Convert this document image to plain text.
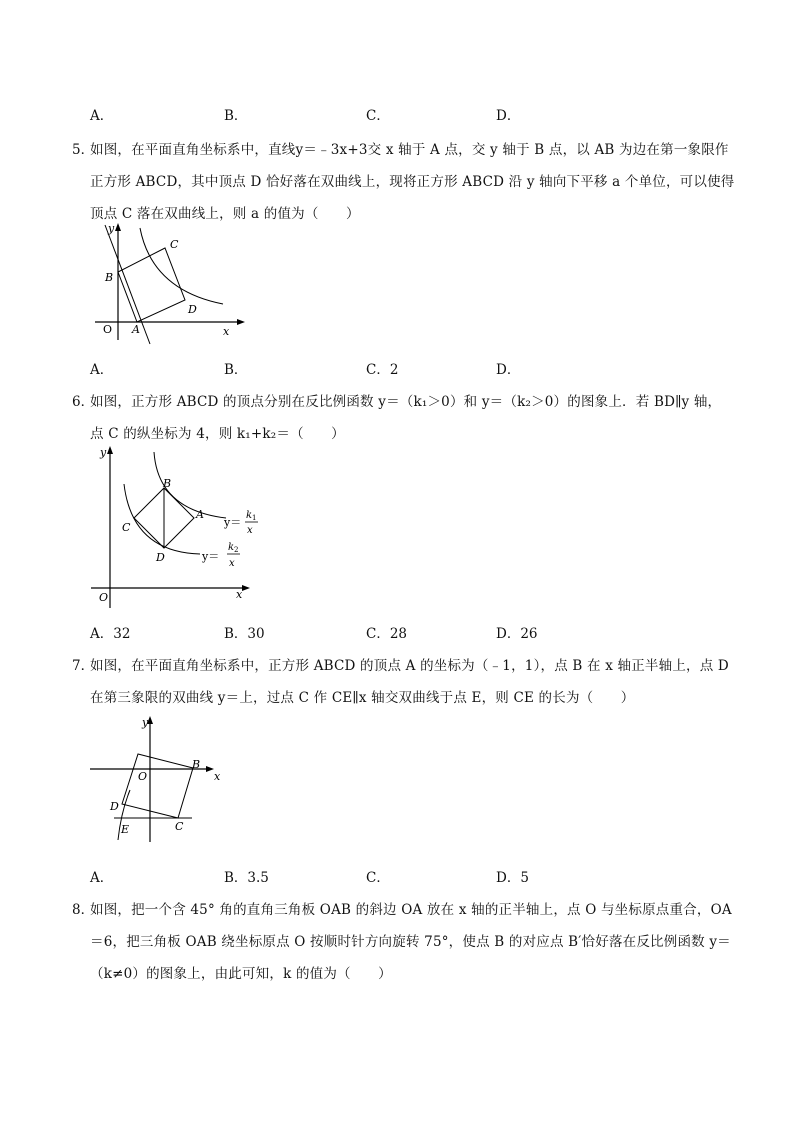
A．	B．	C．	D．
5．
如图，在平面直角坐标系中，直线y＝﹣3x+3交 x 轴于 A 点，交 y 轴于 B 点，以 AB 为边在第一象限作
正方形 ABCD，其中顶点 D 恰好落在双曲线上，现将正方形 ABCD 沿 y 轴向下平移 a 个单位，可以使得
顶点 C 落在双曲线上，则 a 的值为（　　）
y
x
O A
B
C
D
A．	B．	C．2	D．
6．
如图，正方形 ABCD 的顶点分别在反比例函数 y＝（k₁＞0）和 y＝（k₂＞0）的图象上．若 BD∥y 轴，
点 C 的纵坐标为 4，则 k₁+k₂＝（　　）
y
x
O
A
B
C
D
y＝
k 1
x
y＝
k 2
x
A．32	B．30	C．28	D．26
7．
如图，在平面直角坐标系中，正方形 ABCD 的顶点 A 的坐标为（﹣1，1），点 B 在 x 轴正半轴上，点 D
在第三象限的双曲线 y＝上，过点 C 作 CE∥x 轴交双曲线于点 E，则 CE 的长为（　　）
y
x
O
B
C
D
E
A．	B．3.5	C．	D．5
8．
如图，把一个含 45° 角的直角三角板 OAB 的斜边 OA 放在 x 轴的正半轴上，点 O 与坐标原点重合，OA
＝6，把三角板 OAB 绕坐标原点 O 按顺时针方向旋转 75°，使点 B 的对应点 B′恰好落在反比例函数 y＝
（k≠0）的图象上，由此可知，k 的值为（　　）
